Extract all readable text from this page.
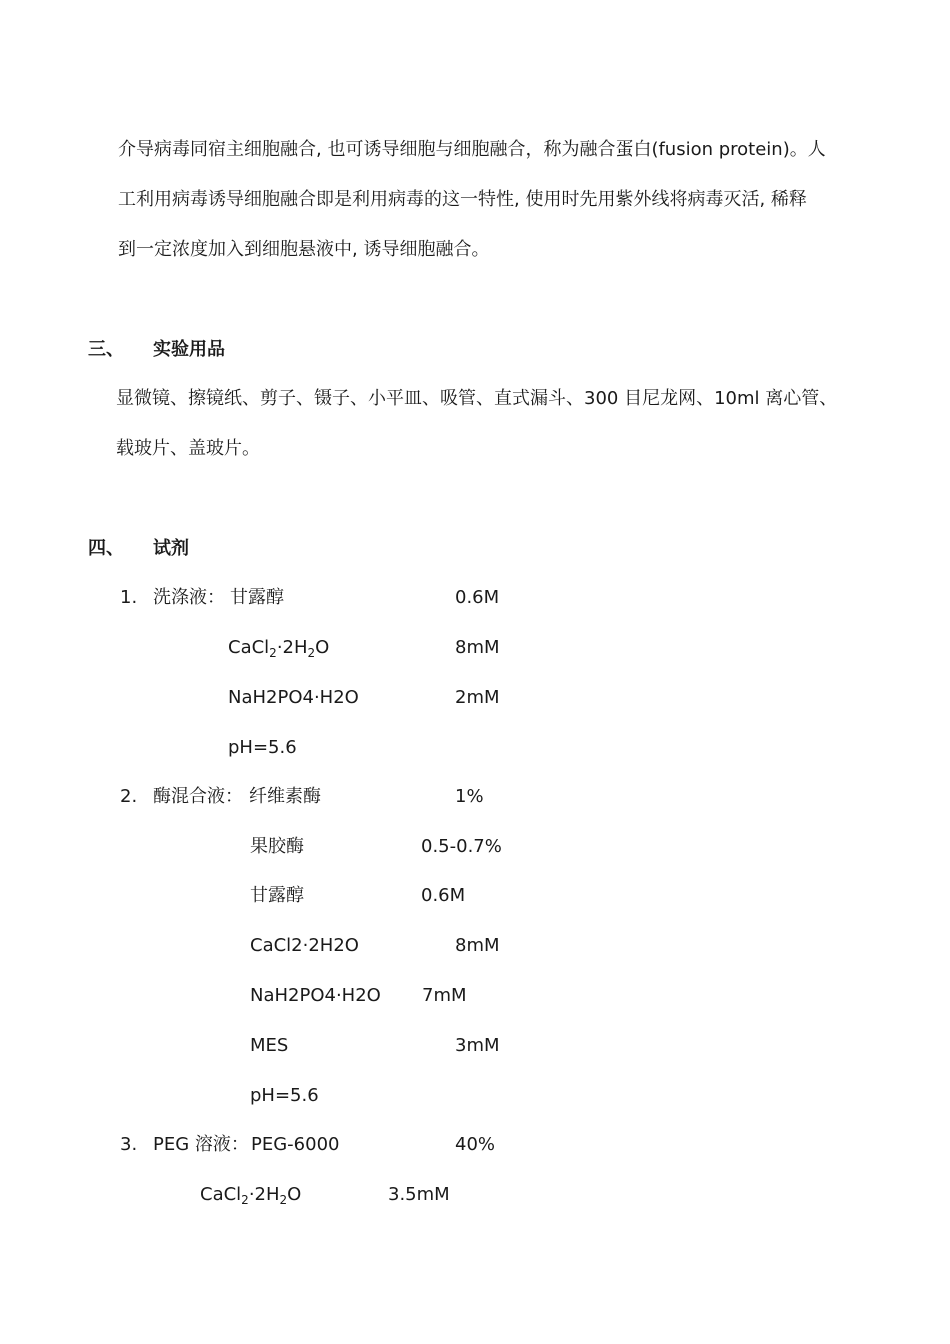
介导病毒同宿主细胞融合, 也可诱导细胞与细胞融合，称为融合蛋白(fusion protein)。人
工利用病毒诱导细胞融合即是利用病毒的这一特性, 使用时先用紫外线将病毒灭活, 稀释
到一定浓度加入到细胞悬液中, 诱导细胞融合。
三、 实验用品
显微镜、擦镜纸、剪子、镊子、小平皿、吸管、直式漏斗、300 目尼龙网、10ml 离心管、
载玻片、盖玻片。
四、 试剂
1. 洗涤液： 甘露醇	0.6M
$CaCl_2\cdot 2H_2O$	8mM
NaH2PO4·H2O	2mM
pH=5.6
2. 酶混合液： 纤维素酶	1%
果胶酶	0.5-0.7%
甘露醇	0.6M
CaCl2·2H2O	8mM
NaH2PO4·H2O 7mM
MES	3mM
pH=5.6
3. PEG 溶液： PEG-6000	40%
$CaCl_2\cdot 2H_2O$	3.5mM
